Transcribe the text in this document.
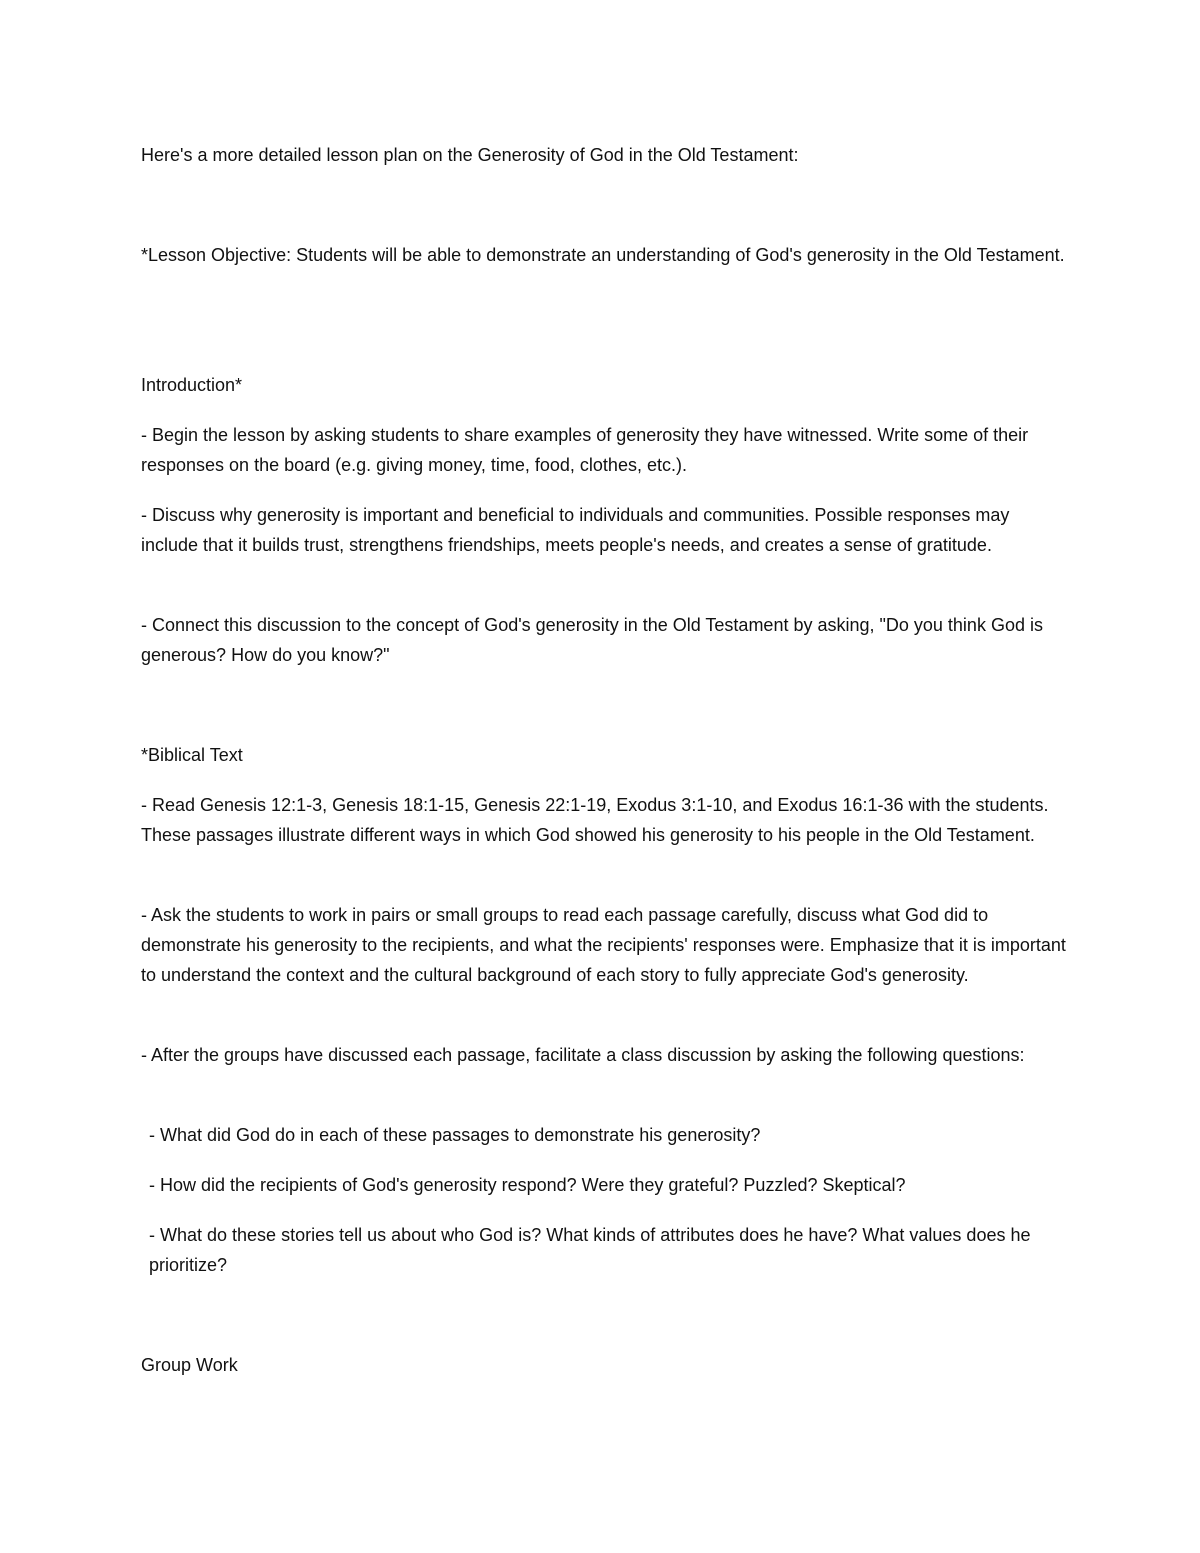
Here's a more detailed lesson plan on the Generosity of God in the Old Testament:

*Lesson Objective: Students will be able to demonstrate an understanding of God's generosity in the Old Testament.

Introduction*

- Begin the lesson by asking students to share examples of generosity they have witnessed. Write some of their responses on the board (e.g. giving money, time, food, clothes, etc.).

- Discuss why generosity is important and beneficial to individuals and communities. Possible responses may include that it builds trust, strengthens friendships, meets people's needs, and creates a sense of gratitude.

- Connect this discussion to the concept of God's generosity in the Old Testament by asking, "Do you think God is generous? How do you know?"

*Biblical Text

- Read Genesis 12:1-3, Genesis 18:1-15, Genesis 22:1-19, Exodus 3:1-10, and Exodus 16:1-36 with the students. These passages illustrate different ways in which God showed his generosity to his people in the Old Testament.

- Ask the students to work in pairs or small groups to read each passage carefully, discuss what God did to demonstrate his generosity to the recipients, and what the recipients' responses were. Emphasize that it is important to understand the context and the cultural background of each story to fully appreciate God's generosity.

- After the groups have discussed each passage, facilitate a class discussion by asking the following questions:

- What did God do in each of these passages to demonstrate his generosity?

- How did the recipients of God's generosity respond? Were they grateful? Puzzled? Skeptical?

- What do these stories tell us about who God is? What kinds of attributes does he have? What values does he prioritize?

Group Work
